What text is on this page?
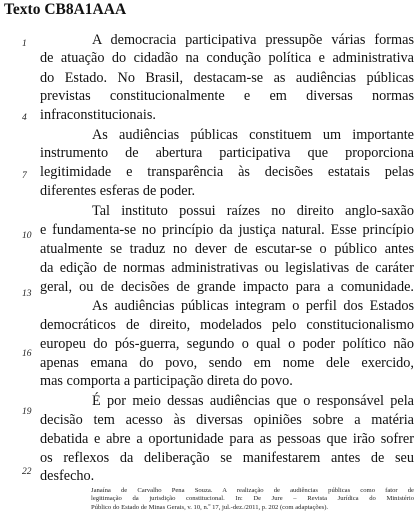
Texto CB8A1AAA
1
4
7
10
13
16
19
22
A democracia participativa pressupõe várias formas
de atuação do cidadão na condução política e administrativa
do Estado. No Brasil, destacam-se as audiências públicas
previstas constitucionalmente e em diversas normas
infraconstitucionais.
As audiências públicas constituem um importante
instrumento de abertura participativa que proporciona
legitimidade e transparência às decisões estatais pelas
diferentes esferas de poder.
Tal instituto possui raízes no direito anglo-saxão
e fundamenta-se no princípio da justiça natural. Esse princípio
atualmente se traduz no dever de escutar-se o público antes
da edição de normas administrativas ou legislativas de caráter
geral, ou de decisões de grande impacto para a comunidade.
As audiências públicas integram o perfil dos Estados
democráticos de direito, modelados pelo constitucionalismo
europeu do pós-guerra, segundo o qual o poder político não
apenas emana do povo, sendo em nome dele exercido,
mas comporta a participação direta do povo.
É por meio dessas audiências que o responsável pela
decisão tem acesso às diversas opiniões sobre a matéria
debatida e abre a oportunidade para as pessoas que irão sofrer
os reflexos da deliberação se manifestarem antes de seu
desfecho.
Janaína de Carvalho Pena Souza. A realização de audiências públicas como fator de
legitimação da jurisdição constitucional. In: De Jure – Revista Jurídica do Ministério
Público do Estado de Minas Gerais, v. 10, n.º 17, jul.-dez./2011, p. 202 (com adaptações).
